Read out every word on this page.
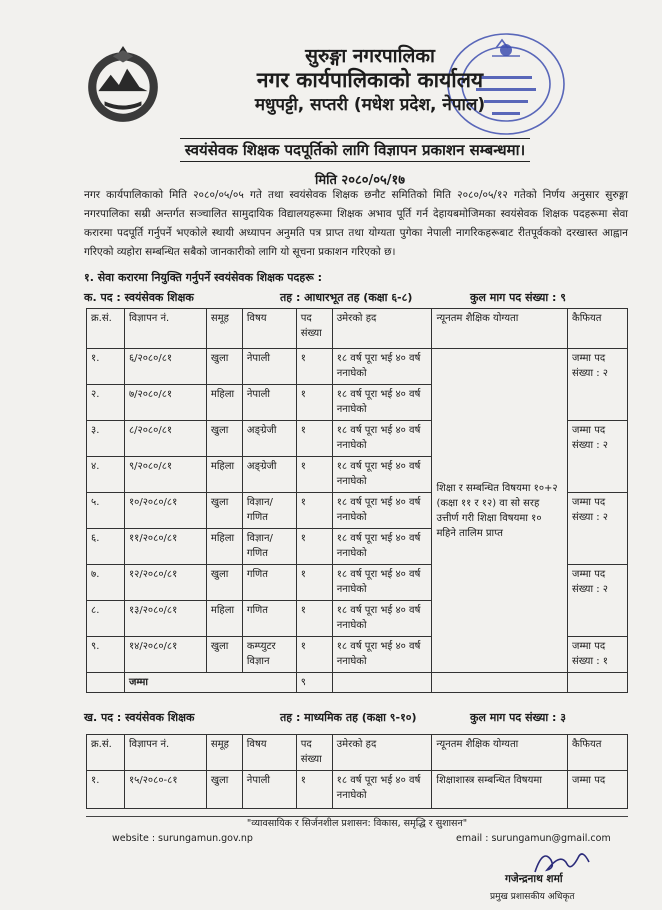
सुरुङ्गा नगरपालिका
नगर कार्यपालिकाको कार्यालय
मधुपट्टी, सप्तरी (मधेश प्रदेश, नेपाल)
स्वयंसेवक शिक्षक पदपूर्तिको लागि विज्ञापन प्रकाशन सम्बन्धमा।
मिति २०८०/०५/१७
नगर कार्यपालिकाको मिति २०८०/०५/०५ गते तथा स्वयंसेवक शिक्षक छनौट समितिको मिति २०८०/०५/१२ गतेको निर्णय अनुसार सुरुङ्गा नगरपालिका सम्री अन्तर्गत सञ्चालित सामुदायिक विद्यालयहरूमा शिक्षक अभाव पूर्ति गर्न देहायबमोजिमका स्वयंसेवक शिक्षक पदहरूमा सेवा करारमा पदपूर्ति गर्नुपर्ने भएकोले स्थायी अध्यापन अनुमति पत्र प्राप्त तथा योग्यता पुगेका नेपाली नागरिकहरूबाट रीतपूर्वकको दरखास्त आह्वान गरिएको व्यहोरा सम्बन्धित सबैको जानकारीको लागि यो सूचना प्रकाशन गरिएको छ।
१. सेवा करारमा नियुक्ति गर्नुपर्ने स्वयंसेवक शिक्षक पदहरू :
क. पद : स्वयंसेवक शिक्षक	तह : आधारभूत तह (कक्षा ६-८)	कुल माग पद संख्या : ९
क्र.सं.	विज्ञापन नं.	समूह	विषय	पद संख्या	उमेरको हद	न्यूनतम शैक्षिक योग्यता	कैफियत
१.	६/२०८०/८१	खुला	नेपाली	१	१८ वर्ष पूरा भई ४० वर्ष ननाघेको	शिक्षा र सम्बन्धित विषयमा १०+२ (कक्षा ११ र १२) वा सो सरह उत्तीर्ण गरी शिक्षा विषयमा १० महिने तालिम प्राप्त	जम्मा पद संख्या : २
२.	७/२०८०/८१	महिला	नेपाली	१	१८ वर्ष पूरा भई ४० वर्ष ननाघेको		
३.	८/२०८०/८१	खुला	अङ्ग्रेजी	१	१८ वर्ष पूरा भई ४० वर्ष ननाघेको		जम्मा पद संख्या : २
४.	९/२०८०/८१	महिला	अङ्ग्रेजी	१	१८ वर्ष पूरा भई ४० वर्ष ननाघेको		
५.	१०/२०८०/८१	खुला	विज्ञान/ गणित	१	१८ वर्ष पूरा भई ४० वर्ष ननाघेको		जम्मा पद संख्या : २
६.	११/२०८०/८१	महिला	विज्ञान/ गणित	१	१८ वर्ष पूरा भई ४० वर्ष ननाघेको		
७.	१२/२०८०/८१	खुला	गणित	१	१८ वर्ष पूरा भई ४० वर्ष ननाघेको		जम्मा पद संख्या : २
८.	१३/२०८०/८१	महिला	गणित	१	१८ वर्ष पूरा भई ४० वर्ष ननाघेको		
९.	१४/२०८०/८१	खुला	कम्प्युटर विज्ञान	१	१८ वर्ष पूरा भई ४० वर्ष ननाघेको		जम्मा पद संख्या : १
	जम्मा			९			
ख. पद : स्वयंसेवक शिक्षक	तह : माध्यमिक तह (कक्षा ९-१०)	कुल माग पद संख्या : ३
क्र.सं.	विज्ञापन नं.	समूह	विषय	पद संख्या	उमेरको हद	न्यूनतम शैक्षिक योग्यता	कैफियत
१.	१५/२०८०-८१	खुला	नेपाली	१	१८ वर्ष पूरा भई ४० वर्ष ननाघेको	शिक्षाशास्त्र सम्बन्धित विषयमा	जम्मा पद
"व्यावसायिक र सिर्जनशील प्रशासन: विकास, समृद्धि र सुशासन"
website : surungamun.gov.np	email : surungamun@gmail.com
गजेन्द्रनाथ शर्मा
प्रमुख प्रशासकीय अधिकृत
